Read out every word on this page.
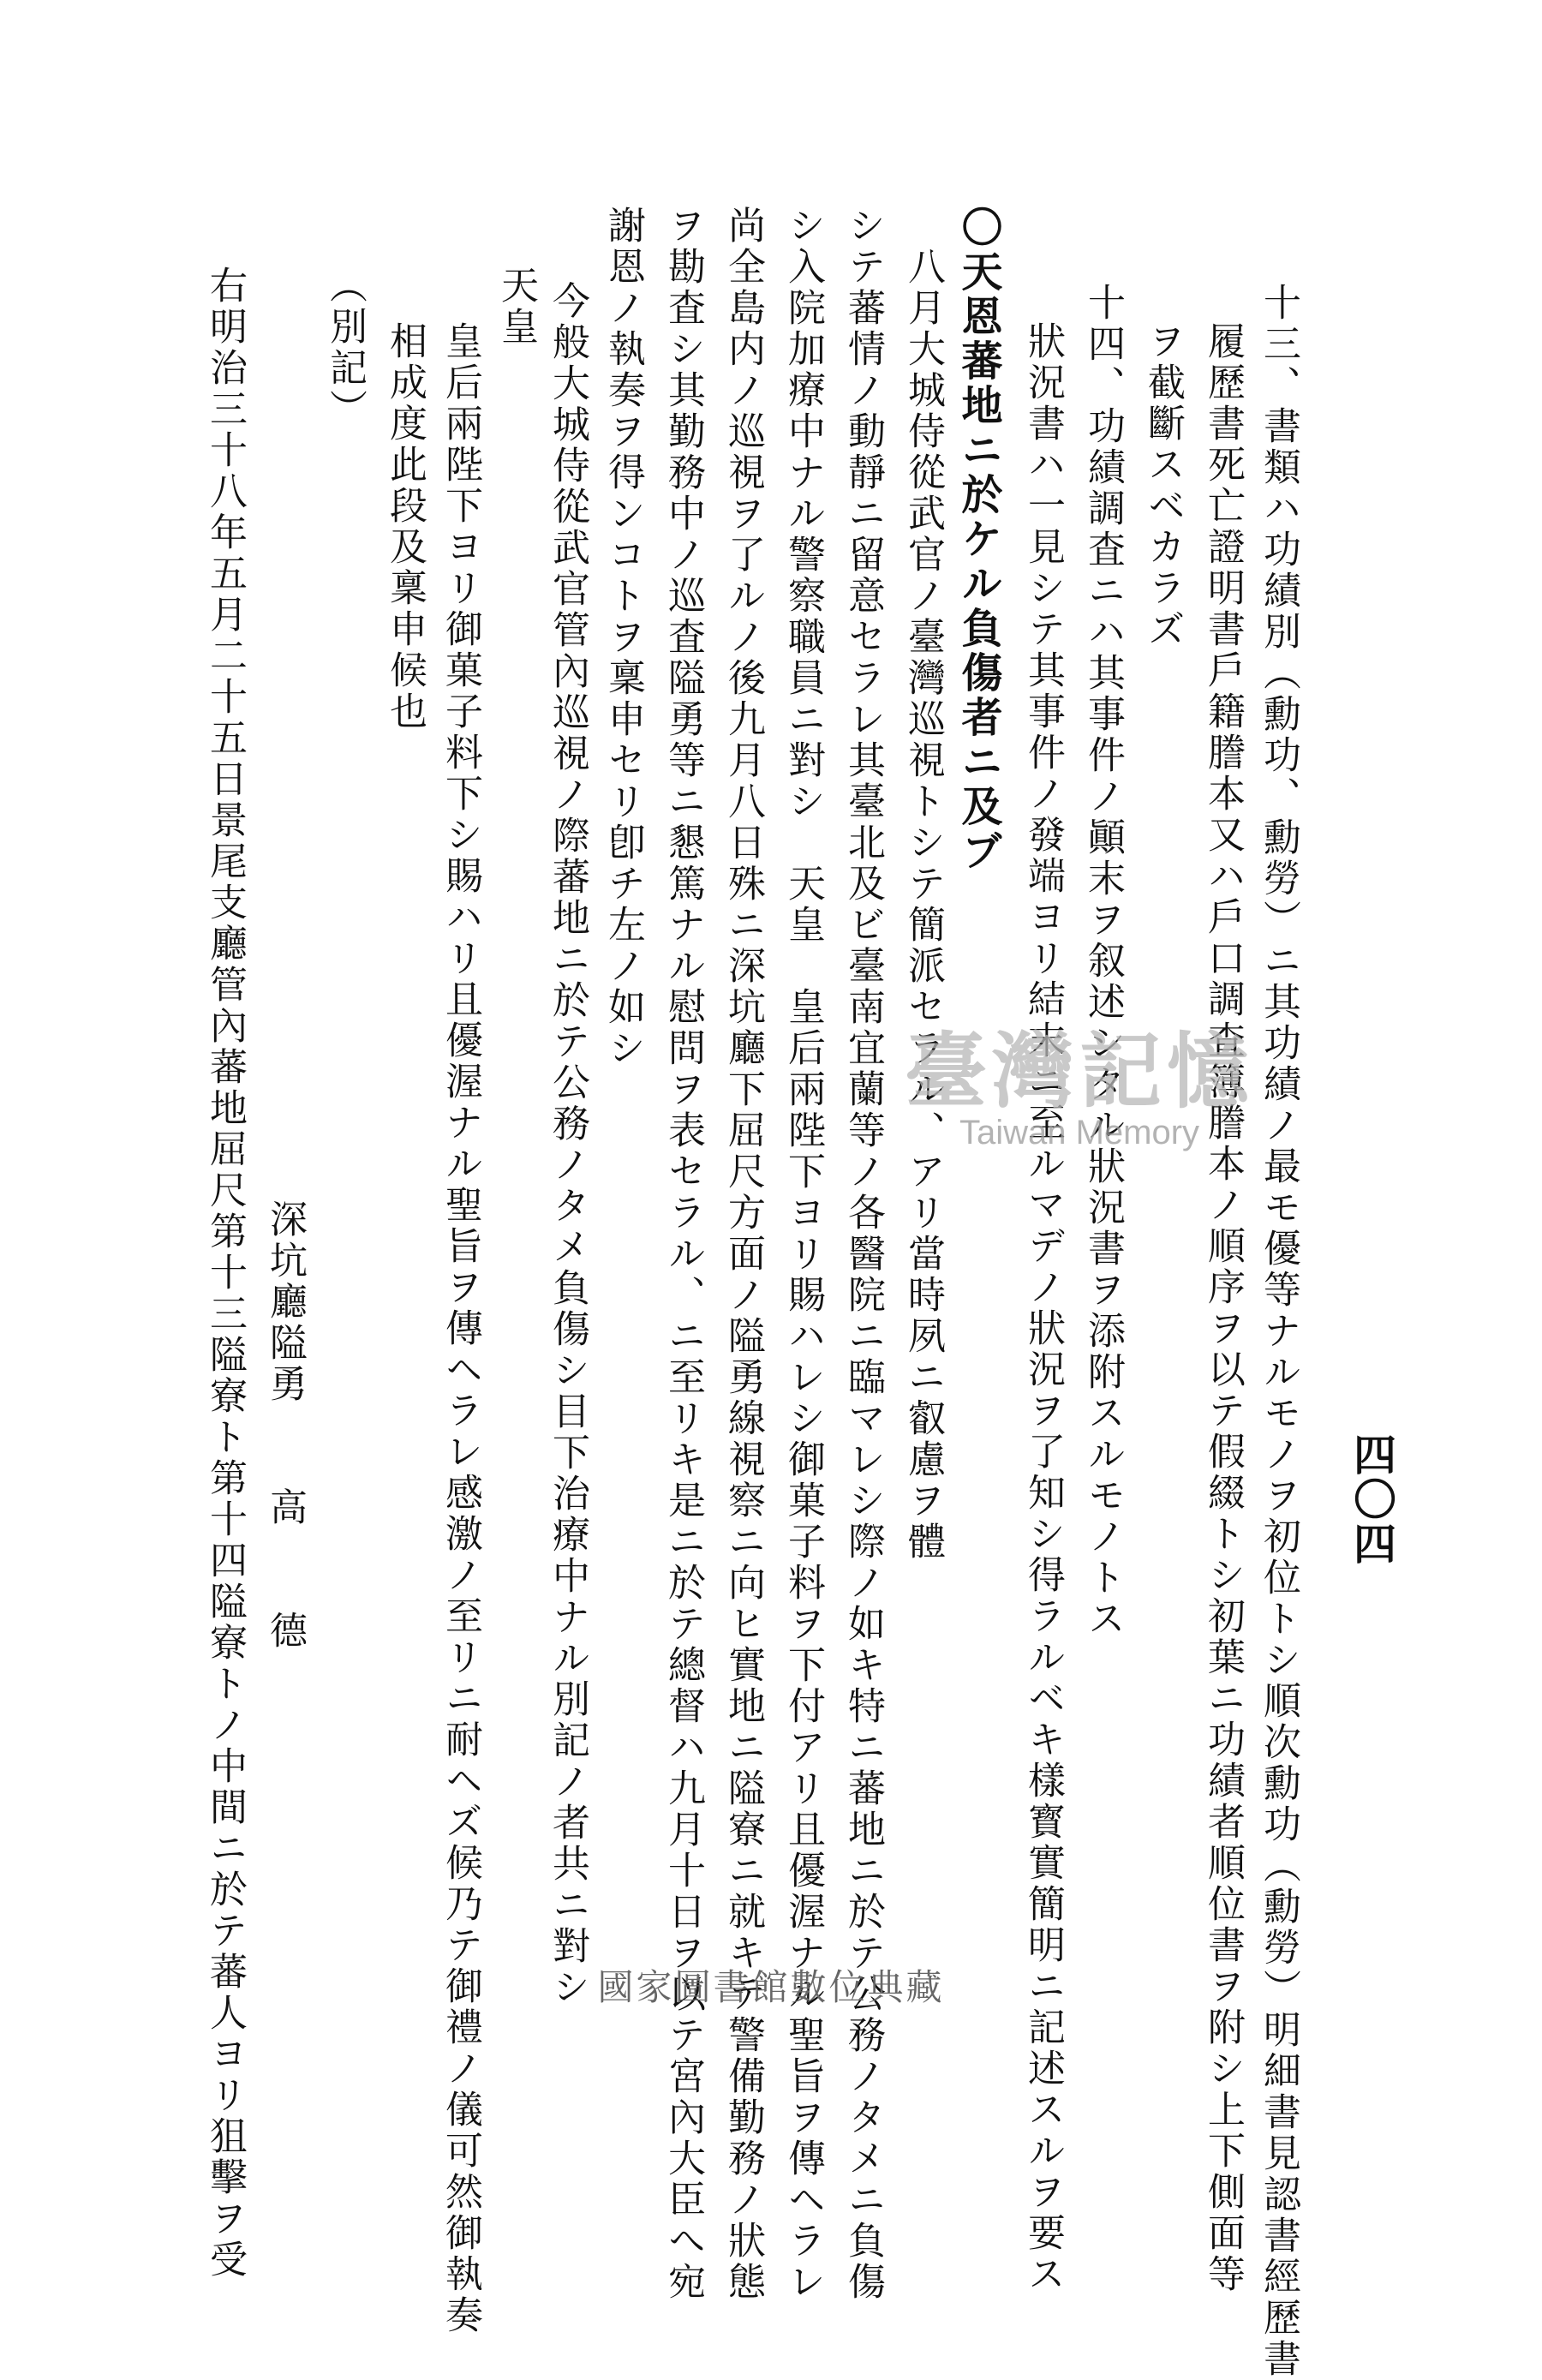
四〇四
十三、書類ハ功績別（勳功、勳勞）ニ其功績ノ最モ優等ナルモノヲ初位トシ順次勳功（勳勞）明細書見認書經歷書
履歷書死亡證明書戶籍謄本又ハ戶口調査簿謄本ノ順序ヲ以テ假綴トシ初葉ニ功績者順位書ヲ附シ上下側面等
ヲ截斷スベカラズ
十四、功績調査ニハ其事件ノ顚末ヲ叙述シタル狀況書ヲ添附スルモノトス
狀況書ハ一見シテ其事件ノ發端ヨリ結末ニ至ルマデノ狀況ヲ了知シ得ラルベキ樣寳實簡明ニ記述スルヲ要ス
〇天恩蕃地ニ於ケル負傷者ニ及ブ
　八月大城侍從武官ノ臺灣巡視トシテ簡派セラル、アリ當時夙ニ叡慮ヲ體
シテ蕃情ノ動靜ニ留意セラレ其臺北及ビ臺南宜蘭等ノ各醫院ニ臨マレシ際ノ如キ特ニ蕃地ニ於テ公務ノタメニ負傷
シ入院加療中ナル警察職員ニ對シ　天皇　皇后兩陛下ヨリ賜ハレシ御菓子料ヲ下付アリ且優渥ナル聖旨ヲ傳ヘラレ
尚全島内ノ巡視ヲ了ルノ後九月八日殊ニ深坑廳下屈尺方面ノ隘勇線視察ニ向ヒ實地ニ隘寮ニ就キテ警備勤務ノ狀態
ヲ勘査シ其勤務中ノ巡査隘勇等ニ懇篤ナル慰問ヲ表セラル、ニ至リキ是ニ於テ總督ハ九月十日ヲ以テ宮內大臣へ宛
謝恩ノ執奏ヲ得ンコトヲ稟申セリ卽チ左ノ如シ
　今般大城侍從武官管內巡視ノ際蕃地ニ於テ公務ノタメ負傷シ目下治療中ナル別記ノ者共ニ對シ
天皇
皇后兩陛下ヨリ御菓子料下シ賜ハリ且優渥ナル聖旨ヲ傳ヘラレ感激ノ至リニ耐ヘズ候乃テ御禮ノ儀可然御執奏
相成度此段及稟申候也
深坑廳隘勇　　高　　德
（別記）
右明治三十八年五月二十五日景尾支廳管內蕃地屈尺第十三隘寮ト第十四隘寮トノ中間ニ於テ蕃人ヨリ狙擊ヲ受	臺灣記憶
Taiwan Memory
國家圖書館數位典藏
